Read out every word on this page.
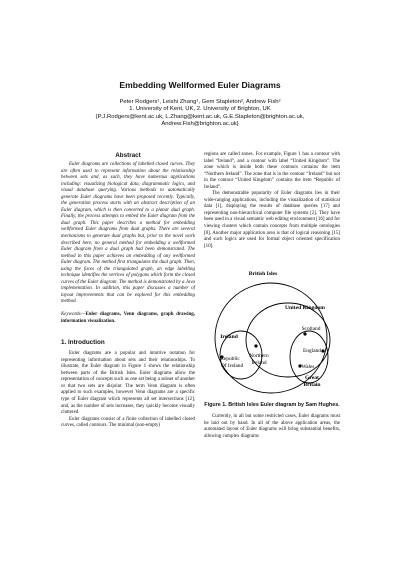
Embedding Wellformed Euler Diagrams
Peter Rodgers¹, Leishi Zhang¹, Gem Stapleton², Andrew Fish²
1. University of Kent, UK, 2. University of Brighton, UK
{P.J.Rodgers@kent.ac.uk, L.Zhang@kent.ac.uk, G.E.Stapleton@brighton.ac.uk,
Andrew.Fish@brighton.ac.uk}
Abstract

Euler diagrams are collections of labelled closed curves. They are often used to represent information about the relationship between sets and, as such, they have numerous applications including: visualizing biological data, diagrammatic logics, and visual database querying. Various methods to automatically generate Euler diagrams have been proposed recently. Typically, the generation process starts with an abstract description of an Euler diagram, which is then converted to a planar dual graph. Finally, the process attempts to embed the Euler diagram from the dual graph. This paper describes a method for embedding wellformed Euler diagrams from dual graphs. There are several mechanisms to generate dual graphs but, prior to the novel work described here, no general method for embedding a wellformed Euler diagram from a dual graph had been demonstrated. The method in this paper achieves an embedding of any wellformed Euler diagram. The method first triangulates the dual graph. Then, using the faces of the triangulated graph, an edge labelling technique identifies the vertices of polygons which form the closed curves of the Euler diagram. The method is demonstrated by a Java implementation. In addition, this paper discusses a number of layout improvements that can be explored for this embedding method.

Keywords—Euler diagrams, Venn diagrams, graph drawing, information visualization.
1. Introduction

Euler diagrams are a popular and intuitive notation for representing information about sets and their relationships. To illustrate, the Euler diagram in Figure 1 shows the relationship between parts of the British Isles. Euler diagrams allow the representation of concepts such as one set being a subset of another or that two sets are disjoint. The term Venn diagram is often applied to such examples, however Venn diagrams are a specific type of Euler diagram which represents all set intersections [12], and, as the number of sets increases, they quickly become visually cluttered.

Euler diagrams consist of a finite collection of labelled closed curves, called contours. The minimal (non-empty)

regions are called zones. For example, Figure 1 has a contour with label “Ireland”, and a contour with label “United Kingdom”. The zone which is inside both these contours contains the item “Northern Ireland”. The zone that is in the contour “Ireland” but not in the contour “United Kingdom” contains the item “Republic of Ireland”.

The demonstrable popularity of Euler diagrams lies in their wide-ranging applications, including the visualization of statistical data [1], displaying the results of database queries [17] and representing non-hierarchical computer file systems [2]. They have been used in a visual semantic web editing environment [16] and for viewing clusters which contain concepts from multiple ontologies [8]. Another major application area is that of logical reasoning [15] and such logics are used for formal object oriented specification [10].

British Isles
United Kingdom
Ireland
Republic
Of Ireland
Northern
Ireland
Scotland
England
Wales
Great
Britain
Figure 1. British Isles Euler diagram by Sam Hughes.

Currently, in all but some restricted cases, Euler diagrams must be laid out by hand. In all of the above application areas, the automated layout of Euler diagrams will bring substantial benefits, allowing complex diagrams
